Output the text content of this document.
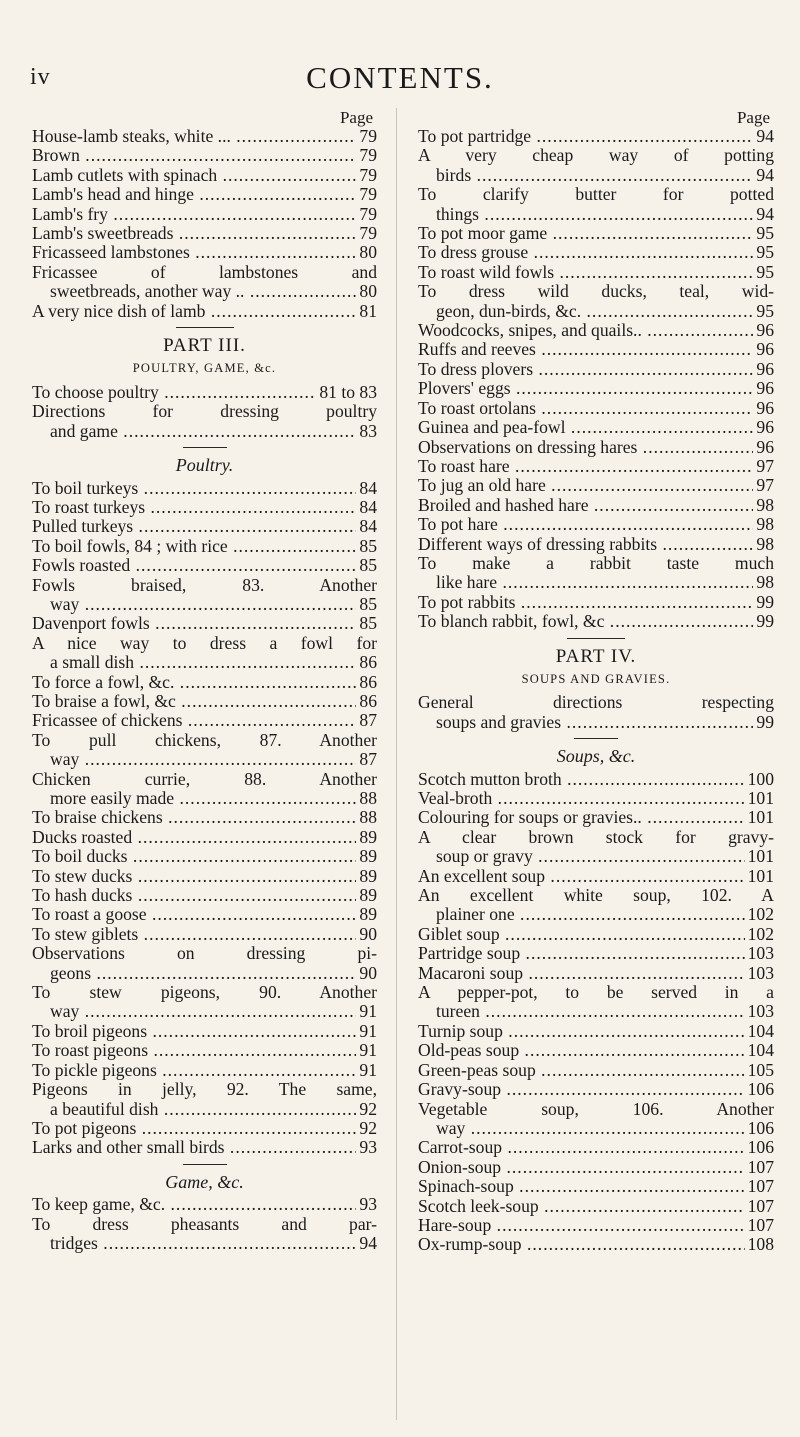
iv	CONTENTS.
Page
House-lamb steaks, white ... .....	79
Brown .....	79
Lamb cutlets with spinach .....	79
Lamb's head and hinge .....	79
Lamb's fry .....	79
Lamb's sweetbreads .....	79
Fricasseed lambstones .....	80
Fricassee of lambstones and
sweetbreads, another way .. .....	80
A very nice dish of lamb .....	81
PART III.
POULTRY, GAME, &c.
To choose poultry .....	81 to 83
Directions for dressing poultry
and game .....	83
Poultry.
To boil turkeys .....	84
To roast turkeys .....	84
Pulled turkeys .....	84
To boil fowls, 84 ; with rice .....	85
Fowls roasted .....	85
Fowls braised, 83. Another
way .....	85
Davenport fowls .....	85
A nice way to dress a fowl for
a small dish .....	86
To force a fowl, &c. .....	86
To braise a fowl, &c .....	86
Fricassee of chickens .....	87
To pull chickens, 87. Another
way .....	87
Chicken currie, 88. Another
more easily made .....	88
To braise chickens .....	88
Ducks roasted .....	89
To boil ducks .....	89
To stew ducks .....	89
To hash ducks .....	89
To roast a goose .....	89
To stew giblets .....	90
Observations on dressing pi-
geons .....	90
To stew pigeons, 90. Another
way .....	91
To broil pigeons .....	91
To roast pigeons .....	91
To pickle pigeons .....	91
Pigeons in jelly, 92. The same,
a beautiful dish .....	92
To pot pigeons .....	92
Larks and other small birds .....	93
Game, &c.
To keep game, &c. .....	93
To dress pheasants and par-
tridges .....	94
Page
To pot partridge .....	94
A very cheap way of potting
birds .....	94
To clarify butter for potted
things .....	94
To pot moor game .....	95
To dress grouse .....	95
To roast wild fowls .....	95
To dress wild ducks, teal, wid-
geon, dun-birds, &c. .....	95
Woodcocks, snipes, and quails.. .....	96
Ruffs and reeves .....	96
To dress plovers .....	96
Plovers' eggs .....	96
To roast ortolans .....	96
Guinea and pea-fowl .....	96
Observations on dressing hares .....	96
To roast hare .....	97
To jug an old hare .....	97
Broiled and hashed hare .....	98
To pot hare .....	98
Different ways of dressing rabbits .....	98
To make a rabbit taste much
like hare .....	98
To pot rabbits .....	99
To blanch rabbit, fowl, &c .....	99
PART IV.
SOUPS AND GRAVIES.
General directions respecting
soups and gravies .....	99
Soups, &c.
Scotch mutton broth .....	100
Veal-broth .....	101
Colouring for soups or gravies.. .....	101
A clear brown stock for gravy-
soup or gravy .....	101
An excellent soup .....	101
An excellent white soup, 102. A
plainer one .....	102
Giblet soup .....	102
Partridge soup .....	103
Macaroni soup .....	103
A pepper-pot, to be served in a
tureen .....	103
Turnip soup .....	104
Old-peas soup .....	104
Green-peas soup .....	105
Gravy-soup .....	106
Vegetable soup, 106. Another
way .....	106
Carrot-soup .....	106
Onion-soup .....	107
Spinach-soup .....	107
Scotch leek-soup .....	107
Hare-soup .....	107
Ox-rump-soup .....	108
